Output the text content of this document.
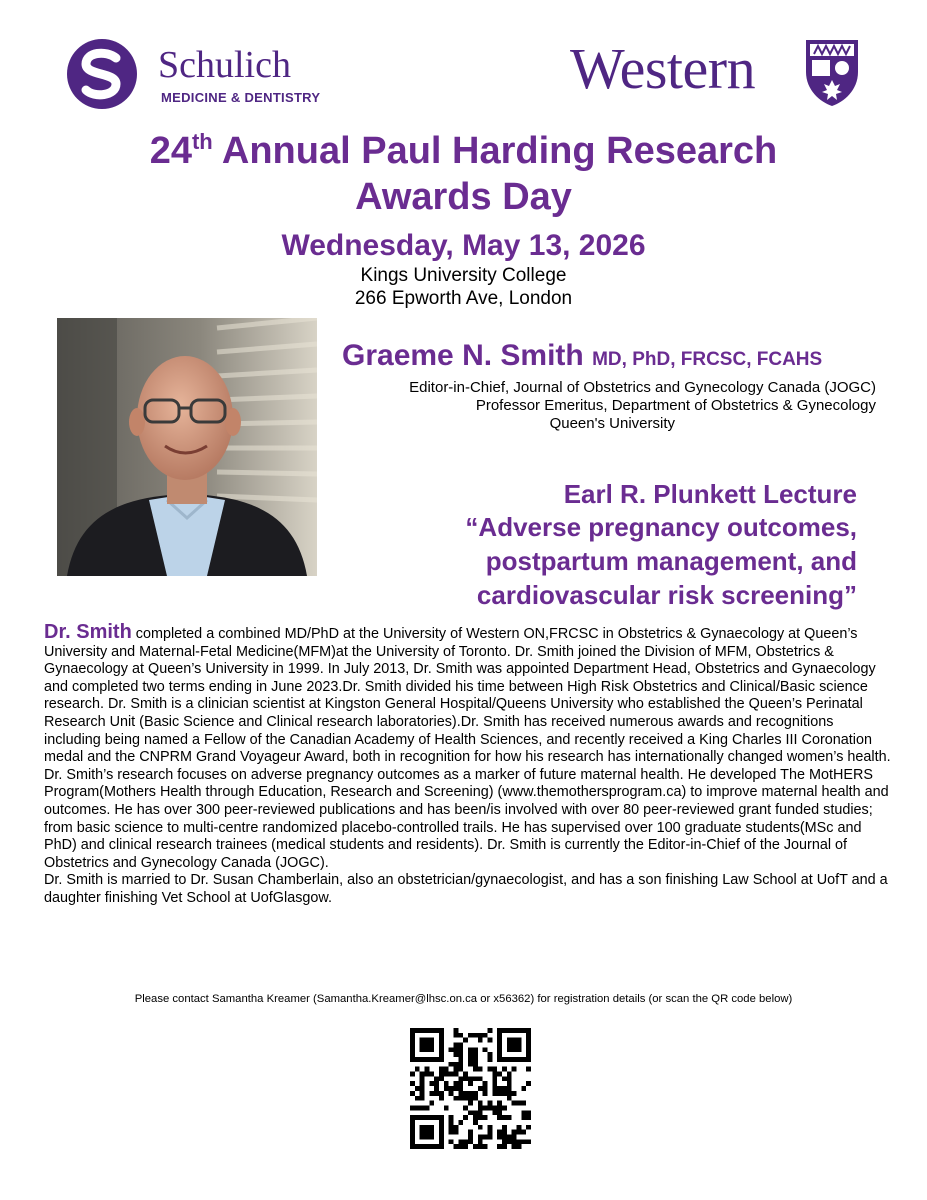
Schulich
MEDICINE & DENTISTRY	Western
24th Annual Paul Harding Research
Awards Day
Wednesday, May 13, 2026
Kings University College
266 Epworth Ave, London
Graeme N. Smith MD, PhD, FRCSC, FCAHS
Editor-in-Chief, Journal of Obstetrics and Gynecology Canada (JOGC)
Professor Emeritus, Department of Obstetrics & Gynecology
Queen's University
Earl R. Plunkett Lecture
“Adverse pregnancy outcomes,
postpartum management, and
cardiovascular risk screening”
Dr. Smith completed a combined MD/PhD at the University of Western ON,FRCSC in Obstetrics & Gynaecology at Queen’s University and Maternal-Fetal Medicine(MFM)at the University of Toronto. Dr. Smith joined the Division of MFM, Obstetrics & Gynaecology at Queen’s University in 1999. In July 2013, Dr. Smith was appointed Department Head, Obstetrics and Gynaecology and completed two terms ending in June 2023.Dr. Smith divided his time between High Risk Obstetrics and Clinical/Basic science research. Dr. Smith is a clinician scientist at Kingston General Hospital/Queens University who established the Queen’s Perinatal Research Unit (Basic Science and Clinical research laboratories).Dr. Smith has received numerous awards and recognitions including being named a Fellow of the Canadian Academy of Health Sciences, and recently received a King Charles III Coronation medal and the CNPRM Grand Voyageur Award, both in recognition for how his research has internationally changed women’s health. Dr. Smith’s research focuses on adverse pregnancy outcomes as a marker of future maternal health. He developed The MotHERS Program(Mothers Health through Education, Research and Screening) (www.themothersprogram.ca) to improve maternal health and outcomes. He has over 300 peer-reviewed publications and has been/is involved with over 80 peer-reviewed grant funded studies; from basic science to multi-centre randomized placebo-controlled trails. He has supervised over 100 graduate students(MSc and PhD) and clinical research trainees (medical students and residents). Dr. Smith is currently the Editor-in-Chief of the Journal of Obstetrics and Gynecology Canada (JOGC).
Dr. Smith is married to Dr. Susan Chamberlain, also an obstetrician/gynaecologist, and has a son finishing Law School at UofT and a daughter finishing Vet School at UofGlasgow.
Please contact Samantha Kreamer (Samantha.Kreamer@lhsc.on.ca or x56362) for registration details (or scan the QR code below)
